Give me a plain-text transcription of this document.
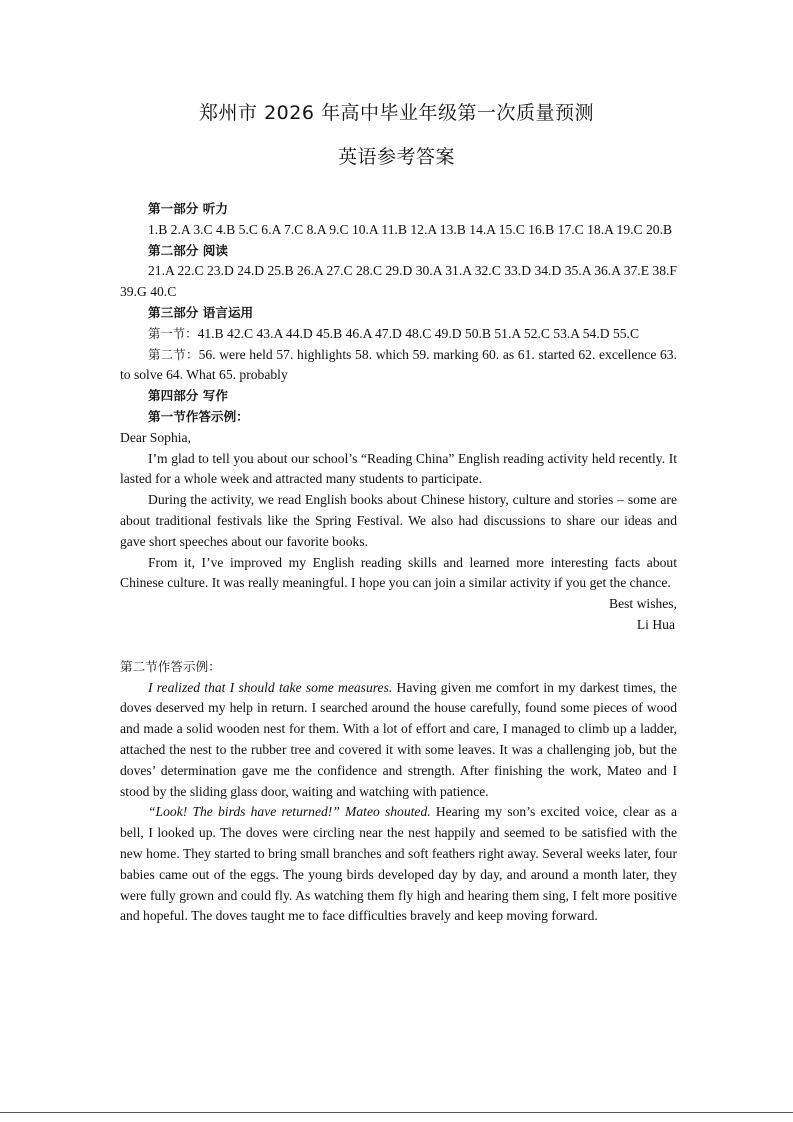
郑州市 2026 年高中毕业年级第一次质量预测
英语参考答案
第一部分 听力
1.B 2.A 3.C 4.B 5.C 6.A 7.C 8.A 9.C 10.A 11.B 12.A 13.B 14.A 15.C 16.B 17.C 18.A 19.C 20.B
第二部分 阅读
21.A 22.C 23.D 24.D 25.B 26.A 27.C 28.C 29.D 30.A 31.A 32.C 33.D 34.D 35.A 36.A 37.E 38.F 39.G 40.C
第三部分 语言运用
第一节：41.B 42.C 43.A 44.D 45.B 46.A 47.D 48.C 49.D 50.B 51.A 52.C 53.A 54.D 55.C
第二节：56. were held 57. highlights 58. which 59. marking 60. as 61. started 62. excellence 63. to solve 64. What 65. probably
第四部分 写作
第一节作答示例：
Dear Sophia,
I’m glad to tell you about our school’s “Reading China” English reading activity held recently. It lasted for a whole week and attracted many students to participate.
During the activity, we read English books about Chinese history, culture and stories – some are about traditional festivals like the Spring Festival. We also had discussions to share our ideas and gave short speeches about our favorite books.
From it, I’ve improved my English reading skills and learned more interesting facts about Chinese culture. It was really meaningful. I hope you can join a similar activity if you get the chance.
Best wishes,
Li Hua
第二节作答示例：
I realized that I should take some measures. Having given me comfort in my darkest times, the doves deserved my help in return. I searched around the house carefully, found some pieces of wood and made a solid wooden nest for them. With a lot of effort and care, I managed to climb up a ladder, attached the nest to the rubber tree and covered it with some leaves. It was a challenging job, but the doves’ determination gave me the confidence and strength. After finishing the work, Mateo and I stood by the sliding glass door, waiting and watching with patience.
“Look! The birds have returned!” Mateo shouted. Hearing my son’s excited voice, clear as a bell, I looked up. The doves were circling near the nest happily and seemed to be satisfied with the new home. They started to bring small branches and soft feathers right away. Several weeks later, four babies came out of the eggs. The young birds developed day by day, and around a month later, they were fully grown and could fly. As watching them fly high and hearing them sing, I felt more positive and hopeful. The doves taught me to face difficulties bravely and keep moving forward.
